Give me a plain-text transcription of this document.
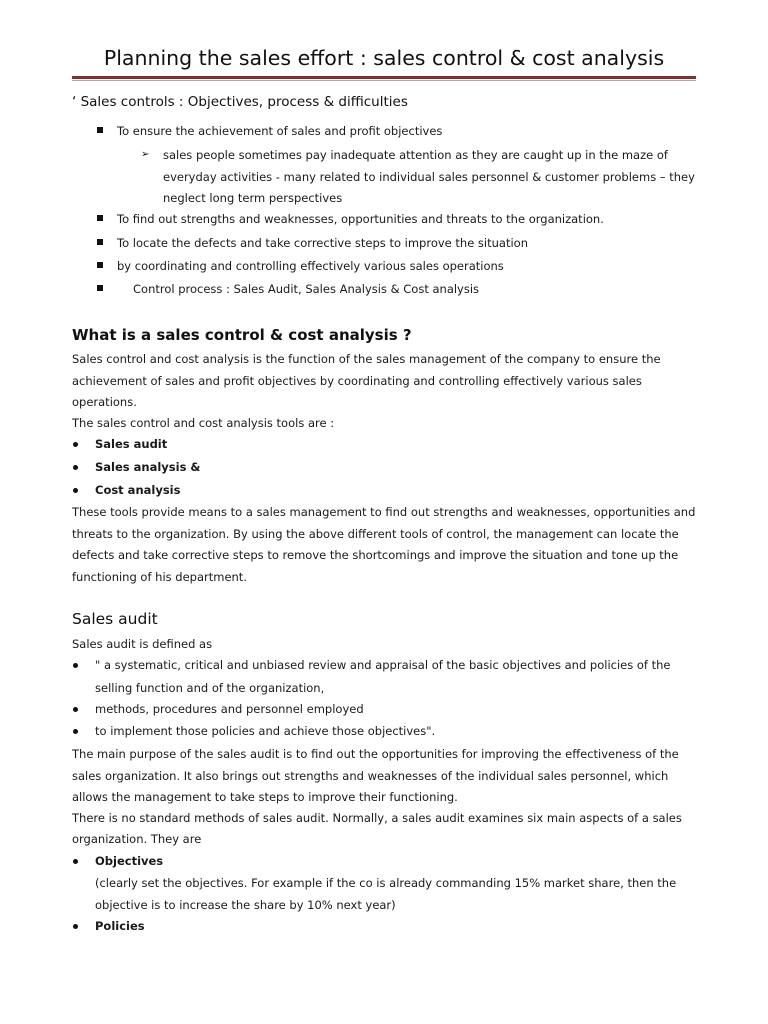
Planning the sales effort : sales control & cost analysis
‘ Sales controls : Objectives, process & difficulties
To ensure the achievement of sales and profit objectives
➢ sales people sometimes pay inadequate attention as they are caught up in the maze of
everyday activities - many related to individual sales personnel & customer problems – they
neglect long term perspectives
To find out strengths and weaknesses, opportunities and threats to the organization.
To locate the defects and take corrective steps to improve the situation
by coordinating and controlling effectively various sales operations
Control process : Sales Audit, Sales Analysis & Cost analysis
What is a sales control & cost analysis ?
Sales control and cost analysis is the function of the sales management of the company to ensure the
achievement of sales and profit objectives by coordinating and controlling effectively various sales
operations.
The sales control and cost analysis tools are :
Sales audit
Sales analysis &
Cost analysis
These tools provide means to a sales management to find out strengths and weaknesses, opportunities and
threats to the organization. By using the above different tools of control, the management can locate the
defects and take corrective steps to remove the shortcomings and improve the situation and tone up the
functioning of his department.
Sales audit
Sales audit is defined as
" a systematic, critical and unbiased review and appraisal of the basic objectives and policies of the
selling function and of the organization,
methods, procedures and personnel employed
to implement those policies and achieve those objectives".
The main purpose of the sales audit is to find out the opportunities for improving the effectiveness of the
sales organization. It also brings out strengths and weaknesses of the individual sales personnel, which
allows the management to take steps to improve their functioning.
There is no standard methods of sales audit. Normally, a sales audit examines six main aspects of a sales
organization. They are
Objectives
(clearly set the objectives. For example if the co is already commanding 15% market share, then the
objective is to increase the share by 10% next year)
Policies
